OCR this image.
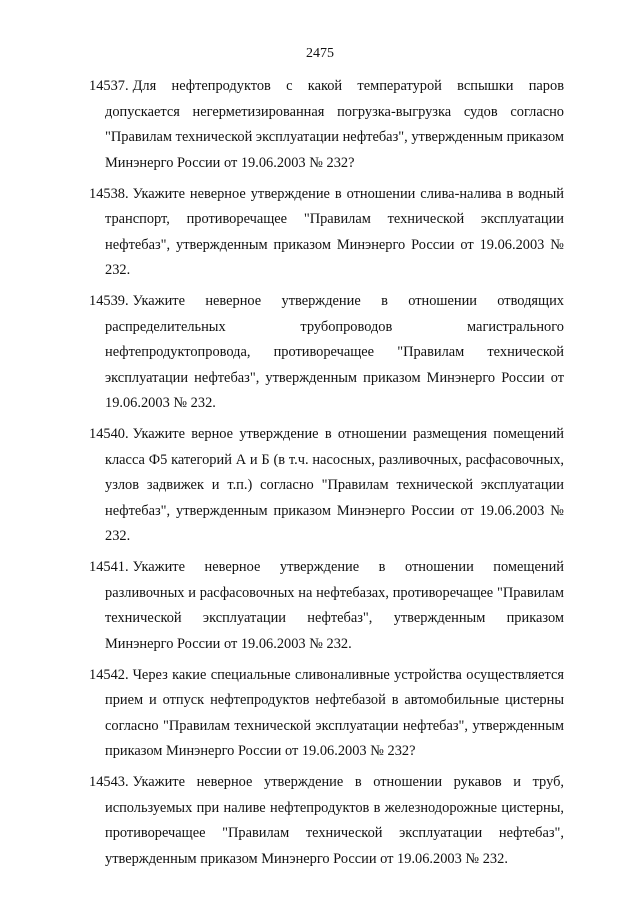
2475

14537. Для нефтепродуктов с какой температурой вспышки паров допускается негерметизированная погрузка-выгрузка судов согласно "Правилам технической эксплуатации нефтебаз", утвержденным приказом Минэнерго России от 19.06.2003 № 232?

14538. Укажите неверное утверждение в отношении слива-налива в водный транспорт, противоречащее "Правилам технической эксплуатации нефтебаз", утвержденным приказом Минэнерго России от 19.06.2003 № 232.

14539. Укажите неверное утверждение в отношении отводящих распределительных трубопроводов магистрального нефтепродуктопровода, противоречащее "Правилам технической эксплуатации нефтебаз", утвержденным приказом Минэнерго России от 19.06.2003 № 232.

14540. Укажите верное утверждение в отношении размещения помещений класса Ф5 категорий А и Б (в т.ч. насосных, разливочных, расфасовочных, узлов задвижек и т.п.) согласно "Правилам технической эксплуатации нефтебаз", утвержденным приказом Минэнерго России от 19.06.2003 № 232.

14541. Укажите неверное утверждение в отношении помещений разливочных и расфасовочных на нефтебазах, противоречащее "Правилам технической эксплуатации нефтебаз", утвержденным приказом Минэнерго России от 19.06.2003 № 232.

14542. Через какие специальные сливоналивные устройства осуществляется прием и отпуск нефтепродуктов нефтебазой в автомобильные цистерны согласно "Правилам технической эксплуатации нефтебаз", утвержденным приказом Минэнерго России от 19.06.2003 № 232?

14543. Укажите неверное утверждение в отношении рукавов и труб, используемых при наливе нефтепродуктов в железнодорожные цистерны, противоречащее "Правилам технической эксплуатации нефтебаз", утвержденным приказом Минэнерго России от 19.06.2003 № 232.
